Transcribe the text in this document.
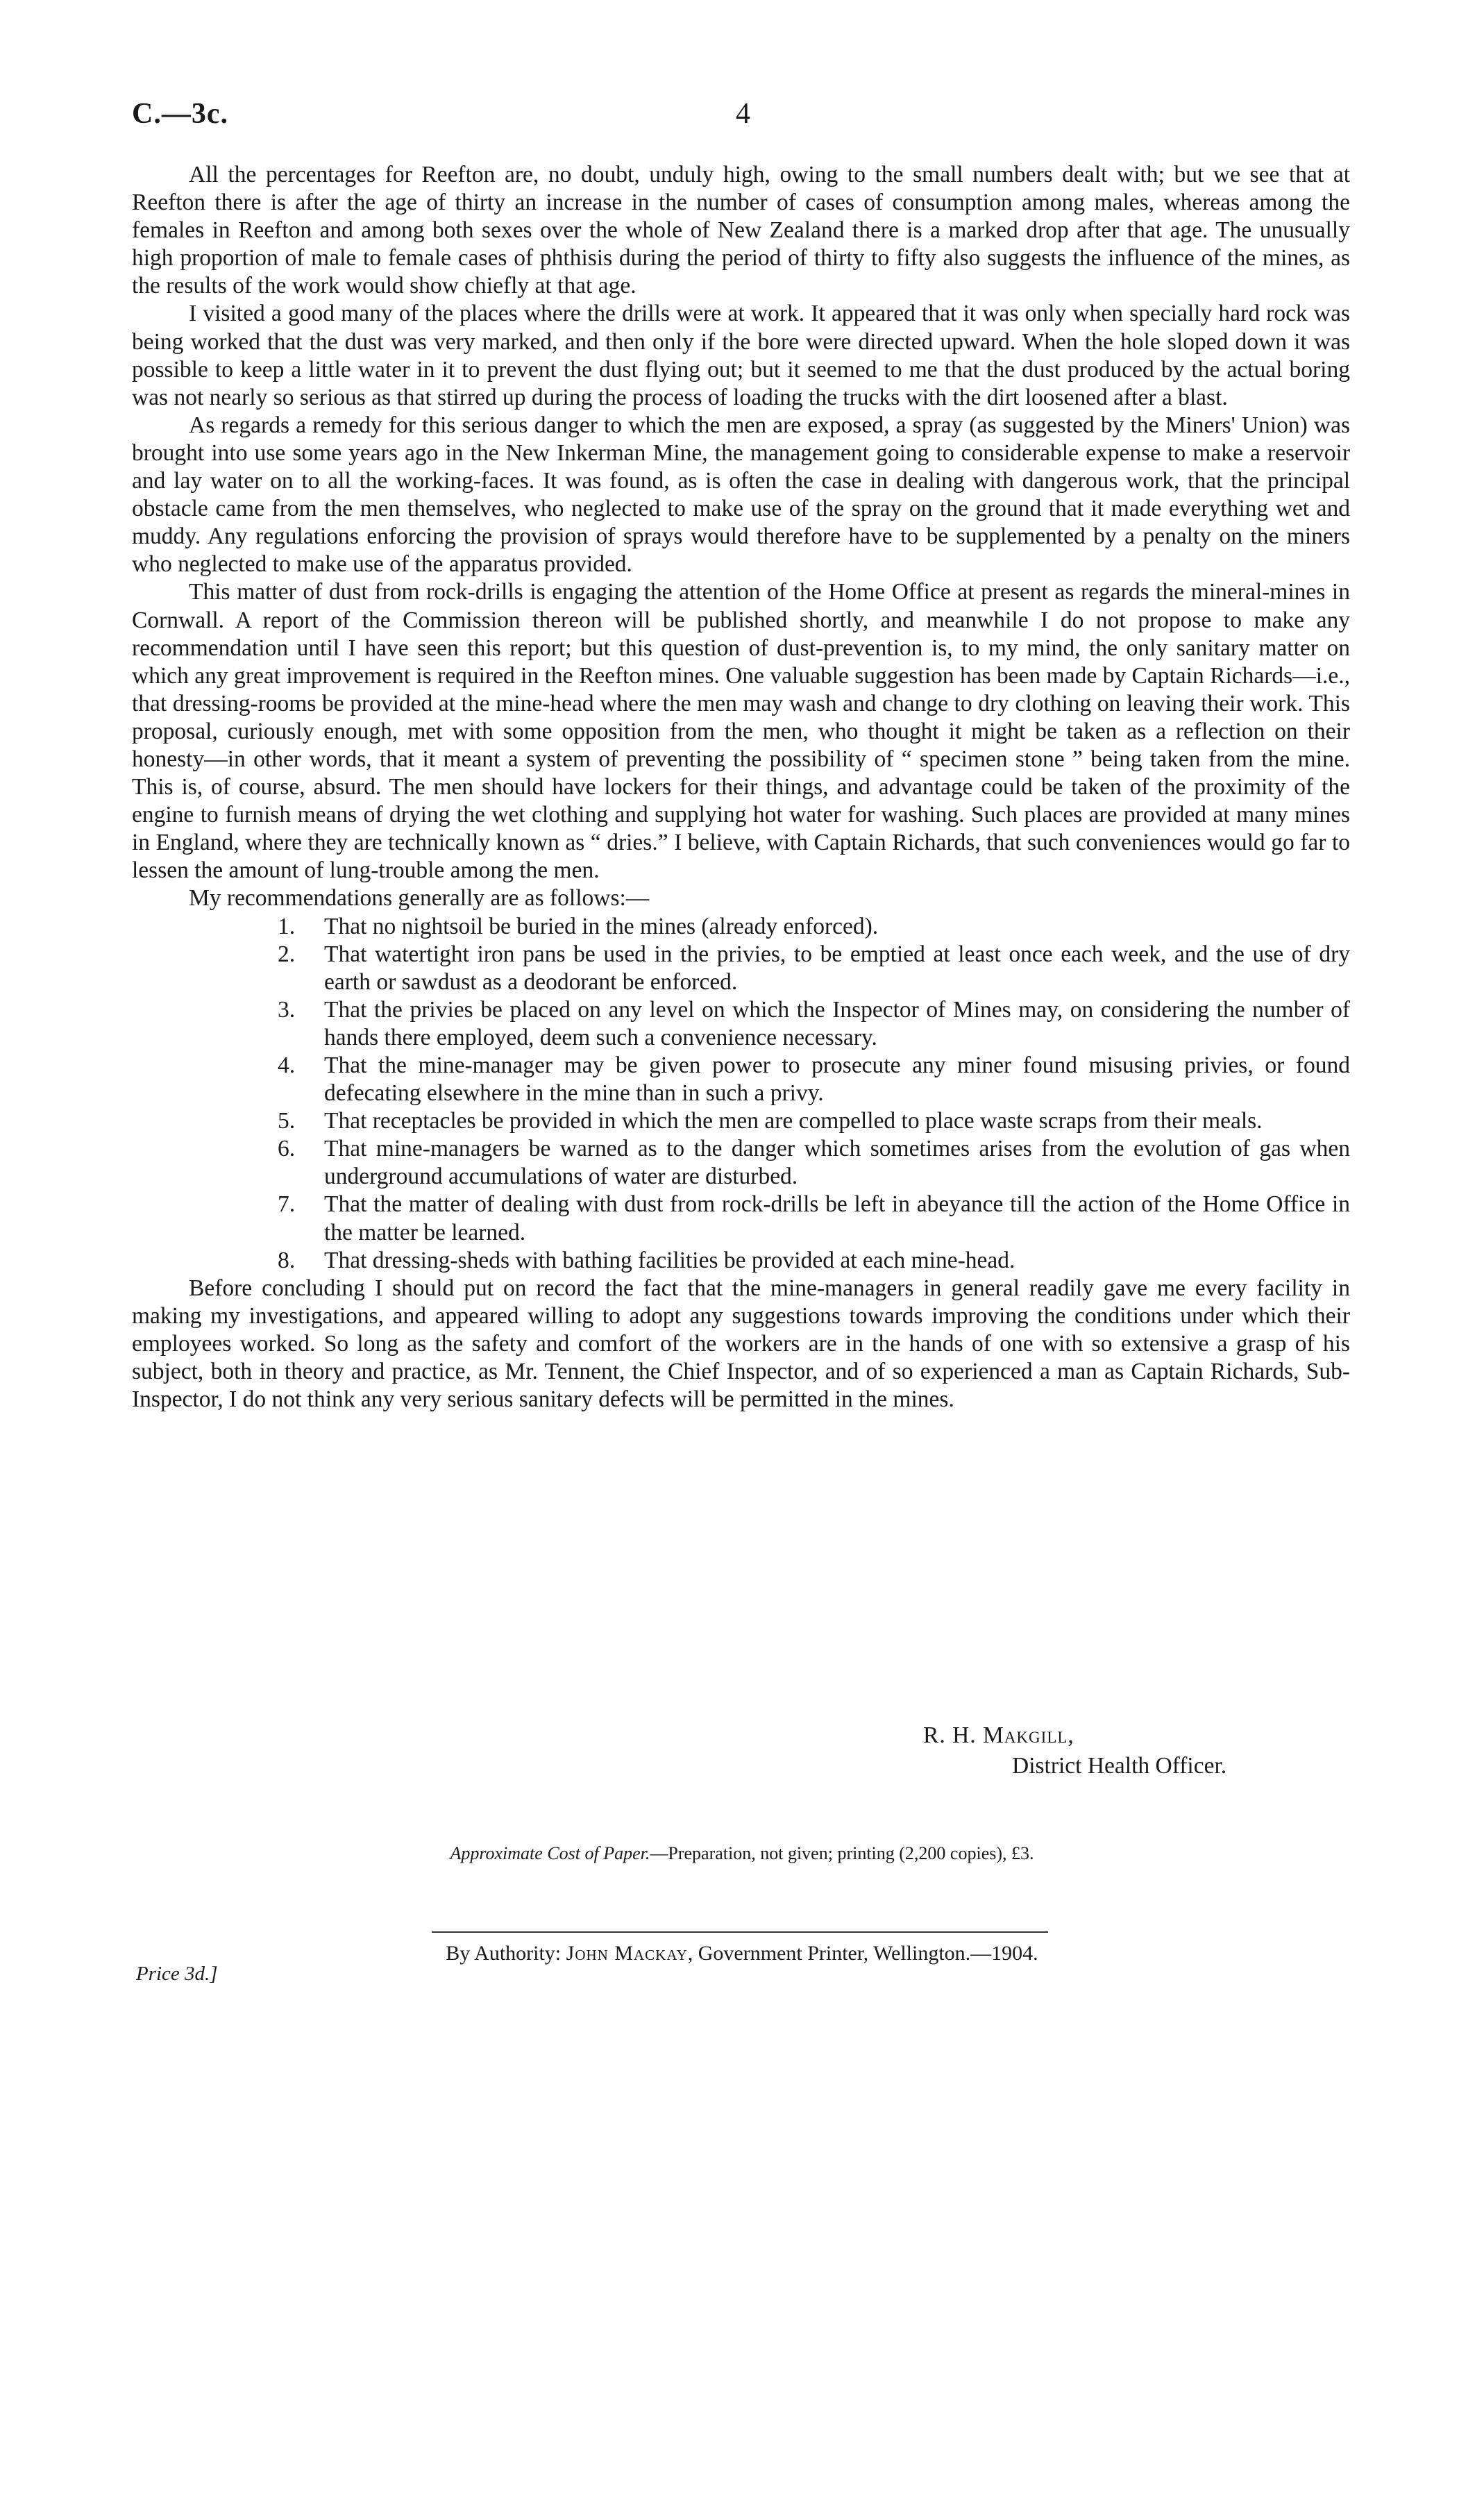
C.—3c.	4

All the percentages for Reefton are, no doubt, unduly high, owing to the small numbers dealt with; but we see that at Reefton there is after the age of thirty an increase in the number of cases of consumption among males, whereas among the females in Reefton and among both sexes over the whole of New Zealand there is a marked drop after that age. The unusually high proportion of male to female cases of phthisis during the period of thirty to fifty also suggests the influence of the mines, as the results of the work would show chiefly at that age.

I visited a good many of the places where the drills were at work. It appeared that it was only when specially hard rock was being worked that the dust was very marked, and then only if the bore were directed upward. When the hole sloped down it was possible to keep a little water in it to prevent the dust flying out; but it seemed to me that the dust produced by the actual boring was not nearly so serious as that stirred up during the process of loading the trucks with the dirt loosened after a blast.

As regards a remedy for this serious danger to which the men are exposed, a spray (as suggested by the Miners' Union) was brought into use some years ago in the New Inkerman Mine, the management going to considerable expense to make a reservoir and lay water on to all the working-faces. It was found, as is often the case in dealing with dangerous work, that the principal obstacle came from the men themselves, who neglected to make use of the spray on the ground that it made everything wet and muddy. Any regulations enforcing the provision of sprays would therefore have to be supplemented by a penalty on the miners who neglected to make use of the apparatus provided.

This matter of dust from rock-drills is engaging the attention of the Home Office at present as regards the mineral-mines in Cornwall. A report of the Commission thereon will be published shortly, and meanwhile I do not propose to make any recommendation until I have seen this report; but this question of dust-prevention is, to my mind, the only sanitary matter on which any great improvement is required in the Reefton mines. One valuable suggestion has been made by Captain Richards—i.e., that dressing-rooms be provided at the mine-head where the men may wash and change to dry clothing on leaving their work. This proposal, curiously enough, met with some opposition from the men, who thought it might be taken as a reflection on their honesty—in other words, that it meant a system of preventing the possibility of “ specimen stone ” being taken from the mine. This is, of course, absurd. The men should have lockers for their things, and advantage could be taken of the proximity of the engine to furnish means of drying the wet clothing and supplying hot water for washing. Such places are provided at many mines in England, where they are technically known as “ dries.” I believe, with Captain Richards, that such conveniences would go far to lessen the amount of lung-trouble among the men.

My recommendations generally are as follows:—

1. That no nightsoil be buried in the mines (already enforced).
2. That watertight iron pans be used in the privies, to be emptied at least once each week, and the use of dry earth or sawdust as a deodorant be enforced.
3. That the privies be placed on any level on which the Inspector of Mines may, on considering the number of hands there employed, deem such a convenience necessary.
4. That the mine-manager may be given power to prosecute any miner found misusing privies, or found defecating elsewhere in the mine than in such a privy.
5. That receptacles be provided in which the men are compelled to place waste scraps from their meals.
6. That mine-managers be warned as to the danger which sometimes arises from the evolution of gas when underground accumulations of water are disturbed.
7. That the matter of dealing with dust from rock-drills be left in abeyance till the action of the Home Office in the matter be learned.
8. That dressing-sheds with bathing facilities be provided at each mine-head.

Before concluding I should put on record the fact that the mine-managers in general readily gave me every facility in making my investigations, and appeared willing to adopt any suggestions towards improving the conditions under which their employees worked. So long as the safety and comfort of the workers are in the hands of one with so extensive a grasp of his subject, both in theory and practice, as Mr. Tennent, the Chief Inspector, and of so experienced a man as Captain Richards, Sub-Inspector, I do not think any very serious sanitary defects will be permitted in the mines.

R. H. Makgill,
District Health Officer.
Approximate Cost of Paper.—Preparation, not given; printing (2,200 copies), £3.
By Authority: John Mackay, Government Printer, Wellington.—1904.
Price 3d.]
